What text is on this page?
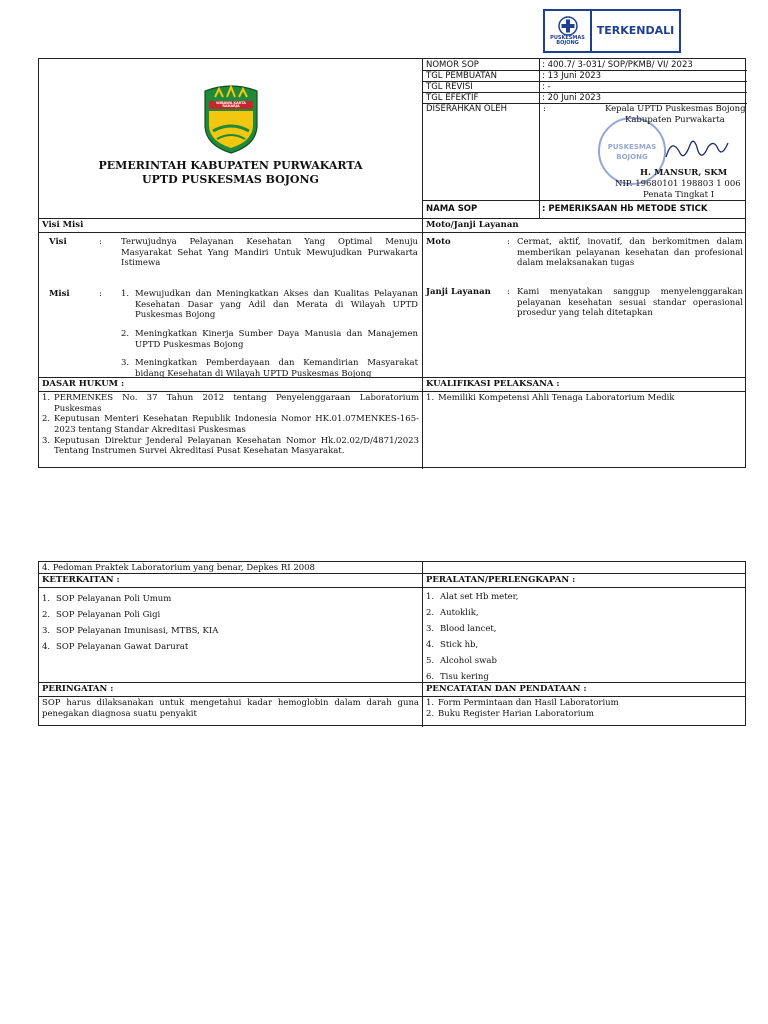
PUSKESMAS
BOJONG
TERKENDALI
WIBAWA KARTA RAHARJA
PEMERINTAH KABUPATEN PURWAKARTA
UPTD PUSKESMAS BOJONG
NOMOR SOP	: 400.7/ 3-031/ SOP/PKMB/ VI/ 2023
TGL PEMBUATAN	: 13 Juni 2023
TGL REVISI	: -
TGL EFEKTIF	: 20 Juni 2023
DISERAHKAN OLEH	:
PUSKESMAS
BOJONG
Kepala UPTD Puskesmas Bojong
Kabupaten Purwakarta
H. MANSUR, SKM
NIP. 19680101 198803 1 006
Penata Tingkat I
NAMA SOP	: PEMERIKSAAN Hb METODE STICK
Visi Misi	Moto/Janji Layanan
Visi	: Terwujudnya Pelayanan Kesehatan Yang Optimal Menuju Masyarakat Sehat Yang Mandiri Untuk Mewujudkan Purwakarta Istimewa
Misi	: 1. Mewujudkan dan Meningkatkan Akses dan Kualitas Pelayanan Kesehatan Dasar yang Adil dan Merata di Wilayah UPTD Puskesmas Bojong
2. Meningkatkan Kinerja Sumber Daya Manusia dan Manajemen UPTD Puskesmas Bojong
3. Meningkatkan Pemberdayaan dan Kemandirian Masyarakat bidang Kesehatan di Wilayah UPTD Puskesmas Bojong
Moto	: Cermat, aktif, inovatif, dan berkomitmen dalam memberikan pelayanan kesehatan dan profesional dalam melaksanakan tugas
Janji Layanan : Kami menyatakan sanggup menyelenggarakan pelayanan kesehatan sesuai standar operasional prosedur yang telah ditetapkan
DASAR HUKUM :	KUALIFIKASI PELAKSANA :
1. PERMENKES No. 37 Tahun 2012 tentang Penyelenggaraan Laboratorium Puskesmas
2. Keputusan Menteri Kesehatan Republik Indonesia Nomor HK.01.07MENKES-165-2023 tentang Standar Akreditasi Puskesmas
3. Keputusan Direktur Jenderal Pelayanan Kesehatan Nomor Hk.02.02/D/4871/2023 Tentang Instrumen Survei Akreditasi Pusat Kesehatan Masyarakat.
1. Memiliki Kompetensi Ahli Tenaga Laboratorium Medik
4. Pedoman Praktek Laboratorium yang benar, Depkes RI 2008
KETERKAITAN :	PERALATAN/PERLENGKAPAN :
1. SOP Pelayanan Poli Umum
2. SOP Pelayanan Poli Gigi
3. SOP Pelayanan Imunisasi, MTBS, KIA
4. SOP Pelayanan Gawat Darurat
1. Alat set Hb meter,
2. Autoklik,
3. Blood lancet,
4. Stick hb,
5. Alcohol swab
6. Tisu kering
PERINGATAN :	PENCATATAN DAN PENDATAAN :
SOP harus dilaksanakan untuk mengetahui kadar hemoglobin dalam darah guna penegakan diagnosa suatu penyakit
1. Form Permintaan dan Hasil Laboratorium
2. Buku Register Harian Laboratorium
